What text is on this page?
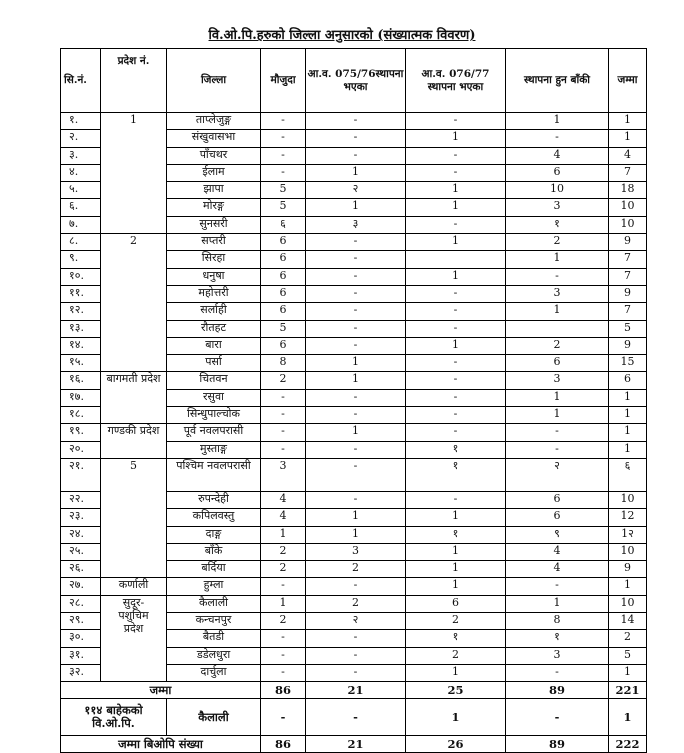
वि.ओ.पि.हरुको जिल्ला अनुसारको (संख्यात्मक विवरण)
सि.नं.	प्रदेश नं.	जिल्ला	मौजुदा	आ.व. 075/76स्थापना भएका	आ.व. 076/77 स्थापना भएका	स्थापना हुन बाँकी	जम्मा
१.	1	ताप्लेजुङ्ग	-	-	-	1	1
२.		संखुवासभा	-	-	1	-	1
३.		पाँचथर	-	-	-	4	4
४.		ईलाम	-	1	-	6	7
५.		झापा	5	२	1	10	18
६.		मोरङ्ग	5	1	1	3	10
७.		सुनसरी	६	३	-	१	10
८.	2	सप्तरी	6	-	1	2	9
९.		सिरहा	6	-		1	7
१०.		धनुषा	6	-	1	-	7
११.		महोत्तरी	6	-	-	3	9
१२.		सर्लाही	6	-	-	1	7
१३.		रौतहट	5	-	-		5
१४.		बारा	6	-	1	2	9
१५.		पर्सा	8	1	-	6	15
१६.	बागमती प्रदेश	चितवन	2	1	-	3	6
१७.		रसुवा	-	-	-	1	1
१८.		सिन्धुपाल्चोक	-	-	-	1	1
१९.	गण्डकी प्रदेश	पूर्व नवलपरासी	-	1	-	-	1
२०.		मुस्ताङ्ग	-	-	१	-	1
२१.	5	पश्चिम नवलपरासी	3	-	१	२	६
२२.		रुपन्देही	4	-	-	6	10
२३.		कपिलवस्तु	4	1	1	6	12
२४.		दाङ्ग	1	1	१	९	1२
२५.		बाँके	2	3	1	4	10
२६.		बर्दिया	2	2	1	4	9
२७.	कर्णाली	हुम्ला	-	-	1	-	1
२८.	सुदूर-पशुचिम प्रदेश	कैलाली	1	2	6	1	10
२९.		कन्चनपुर	2	२	2	8	14
३०.		बैतडी	-	-	१	१	2
३१.		डडेलधुरा	-	-	2	3	5
३२.		दार्चुला	-	-	1	-	1
जम्मा			86	21	25	89	221
११४ बाहेकको वि.ओ.पि.		कैलाली	-	-	1	-	1
जम्मा बिओपि संख्या			86	21	26	89	222
